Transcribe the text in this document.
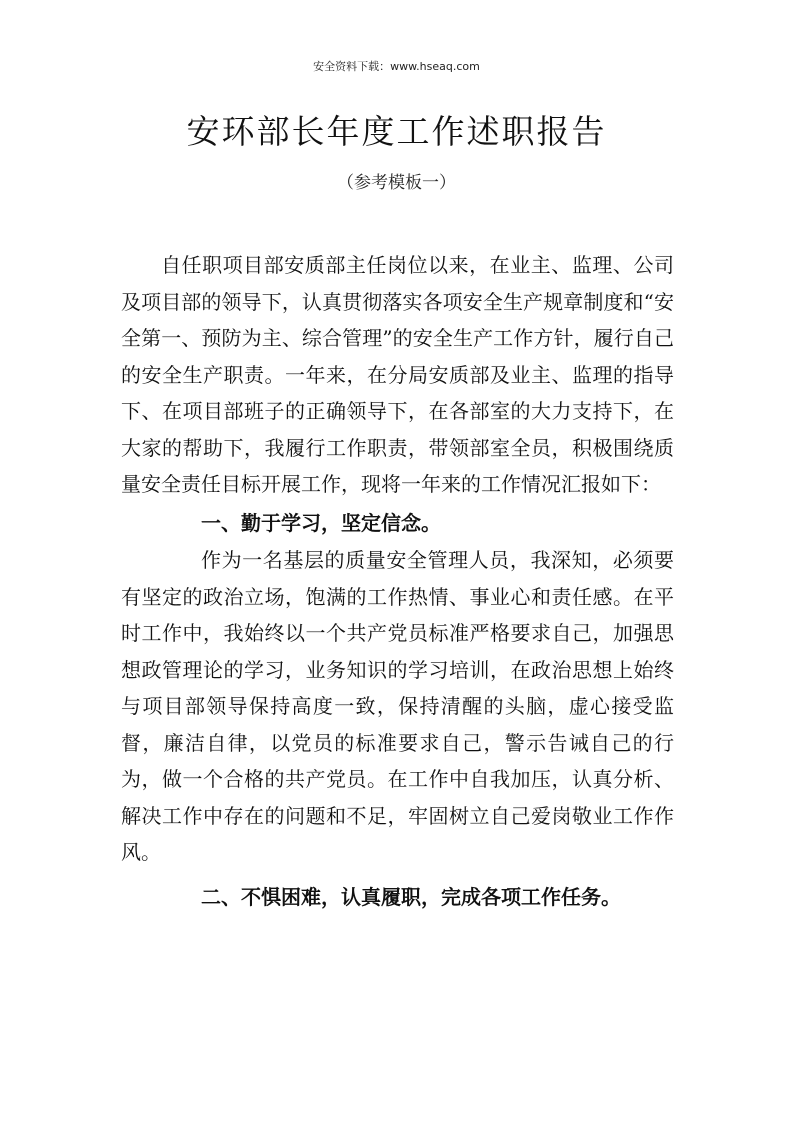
安全资料下载：www.hseaq.com
安环部长年度工作述职报告
（参考模板一）

自任职项目部安质部主任岗位以来，在业主、监理、公司及项目部的领导下，认真贯彻落实各项安全生产规章制度和“安全第一、预防为主、综合管理”的安全生产工作方针，履行自己的安全生产职责。一年来，在分局安质部及业主、监理的指导下、在项目部班子的正确领导下，在各部室的大力支持下，在大家的帮助下，我履行工作职责，带领部室全员，积极围绕质量安全责任目标开展工作，现将一年来的工作情况汇报如下：

一、勤于学习，坚定信念。

作为一名基层的质量安全管理人员，我深知，必须要有坚定的政治立场，饱满的工作热情、事业心和责任感。在平时工作中，我始终以一个共产党员标准严格要求自己，加强思想政管理论的学习，业务知识的学习培训，在政治思想上始终与项目部领导保持高度一致，保持清醒的头脑，虚心接受监督，廉洁自律，以党员的标准要求自己，警示告诫自己的行为，做一个合格的共产党员。在工作中自我加压，认真分析、解决工作中存在的问题和不足，牢固树立自己爱岗敬业工作作风。

二、不惧困难，认真履职，完成各项工作任务。
